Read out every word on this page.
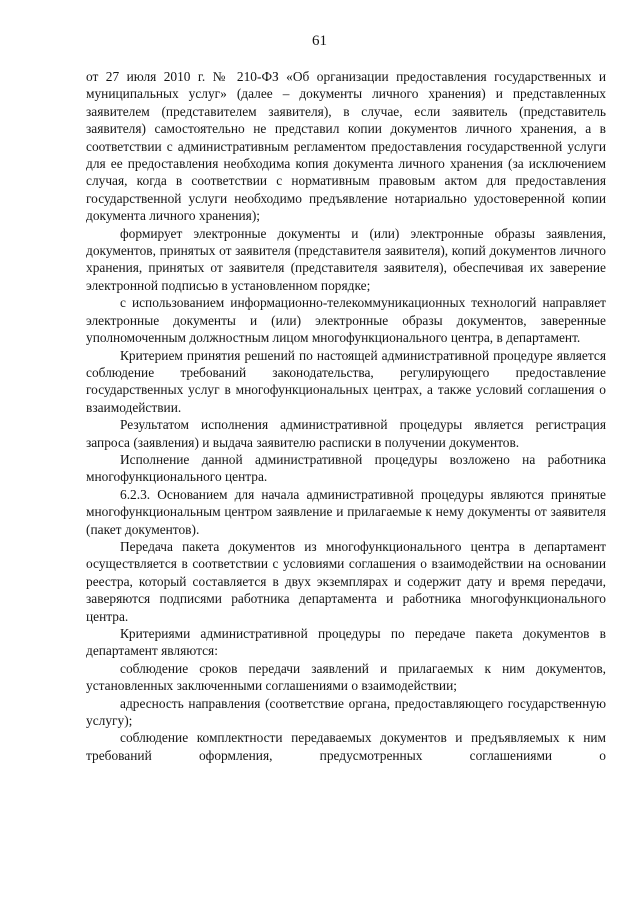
61

от 27 июля 2010 г. № 210-ФЗ «Об организации предоставления государственных и муниципальных услуг» (далее – документы личного хранения) и представленных заявителем (представителем заявителя), в случае, если заявитель (представитель заявителя) самостоятельно не представил копии документов личного хранения, а в соответствии с административным регламентом предоставления государственной услуги для ее предоставления необходима копия документа личного хранения (за исключением случая, когда в соответствии с нормативным правовым актом для предоставления государственной услуги необходимо предъявление нотариально удостоверенной копии документа личного хранения);

формирует электронные документы и (или) электронные образы заявления, документов, принятых от заявителя (представителя заявителя), копий документов личного хранения, принятых от заявителя (представителя заявителя), обеспечивая их заверение электронной подписью в установленном порядке;

с использованием информационно-телекоммуникационных технологий направляет электронные документы и (или) электронные образы документов, заверенные уполномоченным должностным лицом многофункционального центра, в департамент.

Критерием принятия решений по настоящей административной процедуре является соблюдение требований законодательства, регулирующего предоставление государственных услуг в многофункциональных центрах, а также условий соглашения о взаимодействии.

Результатом исполнения административной процедуры является регистрация запроса (заявления) и выдача заявителю расписки в получении документов.

Исполнение данной административной процедуры возложено на работника многофункционального центра.

6.2.3. Основанием для начала административной процедуры являются принятые многофункциональным центром заявление и прилагаемые к нему документы от заявителя (пакет документов).

Передача пакета документов из многофункционального центра в департамент осуществляется в соответствии с условиями соглашения о взаимодействии на основании реестра, который составляется в двух экземплярах и содержит дату и время передачи, заверяются подписями работника департамента и работника многофункционального центра.

Критериями административной процедуры по передаче пакета документов в департамент являются:

соблюдение сроков передачи заявлений и прилагаемых к ним документов, установленных заключенными соглашениями о взаимодействии;

адресность направления (соответствие органа, предоставляющего государственную услугу);

соблюдение комплектности передаваемых документов и предъявляемых к ним требований оформления, предусмотренных соглашениями о
